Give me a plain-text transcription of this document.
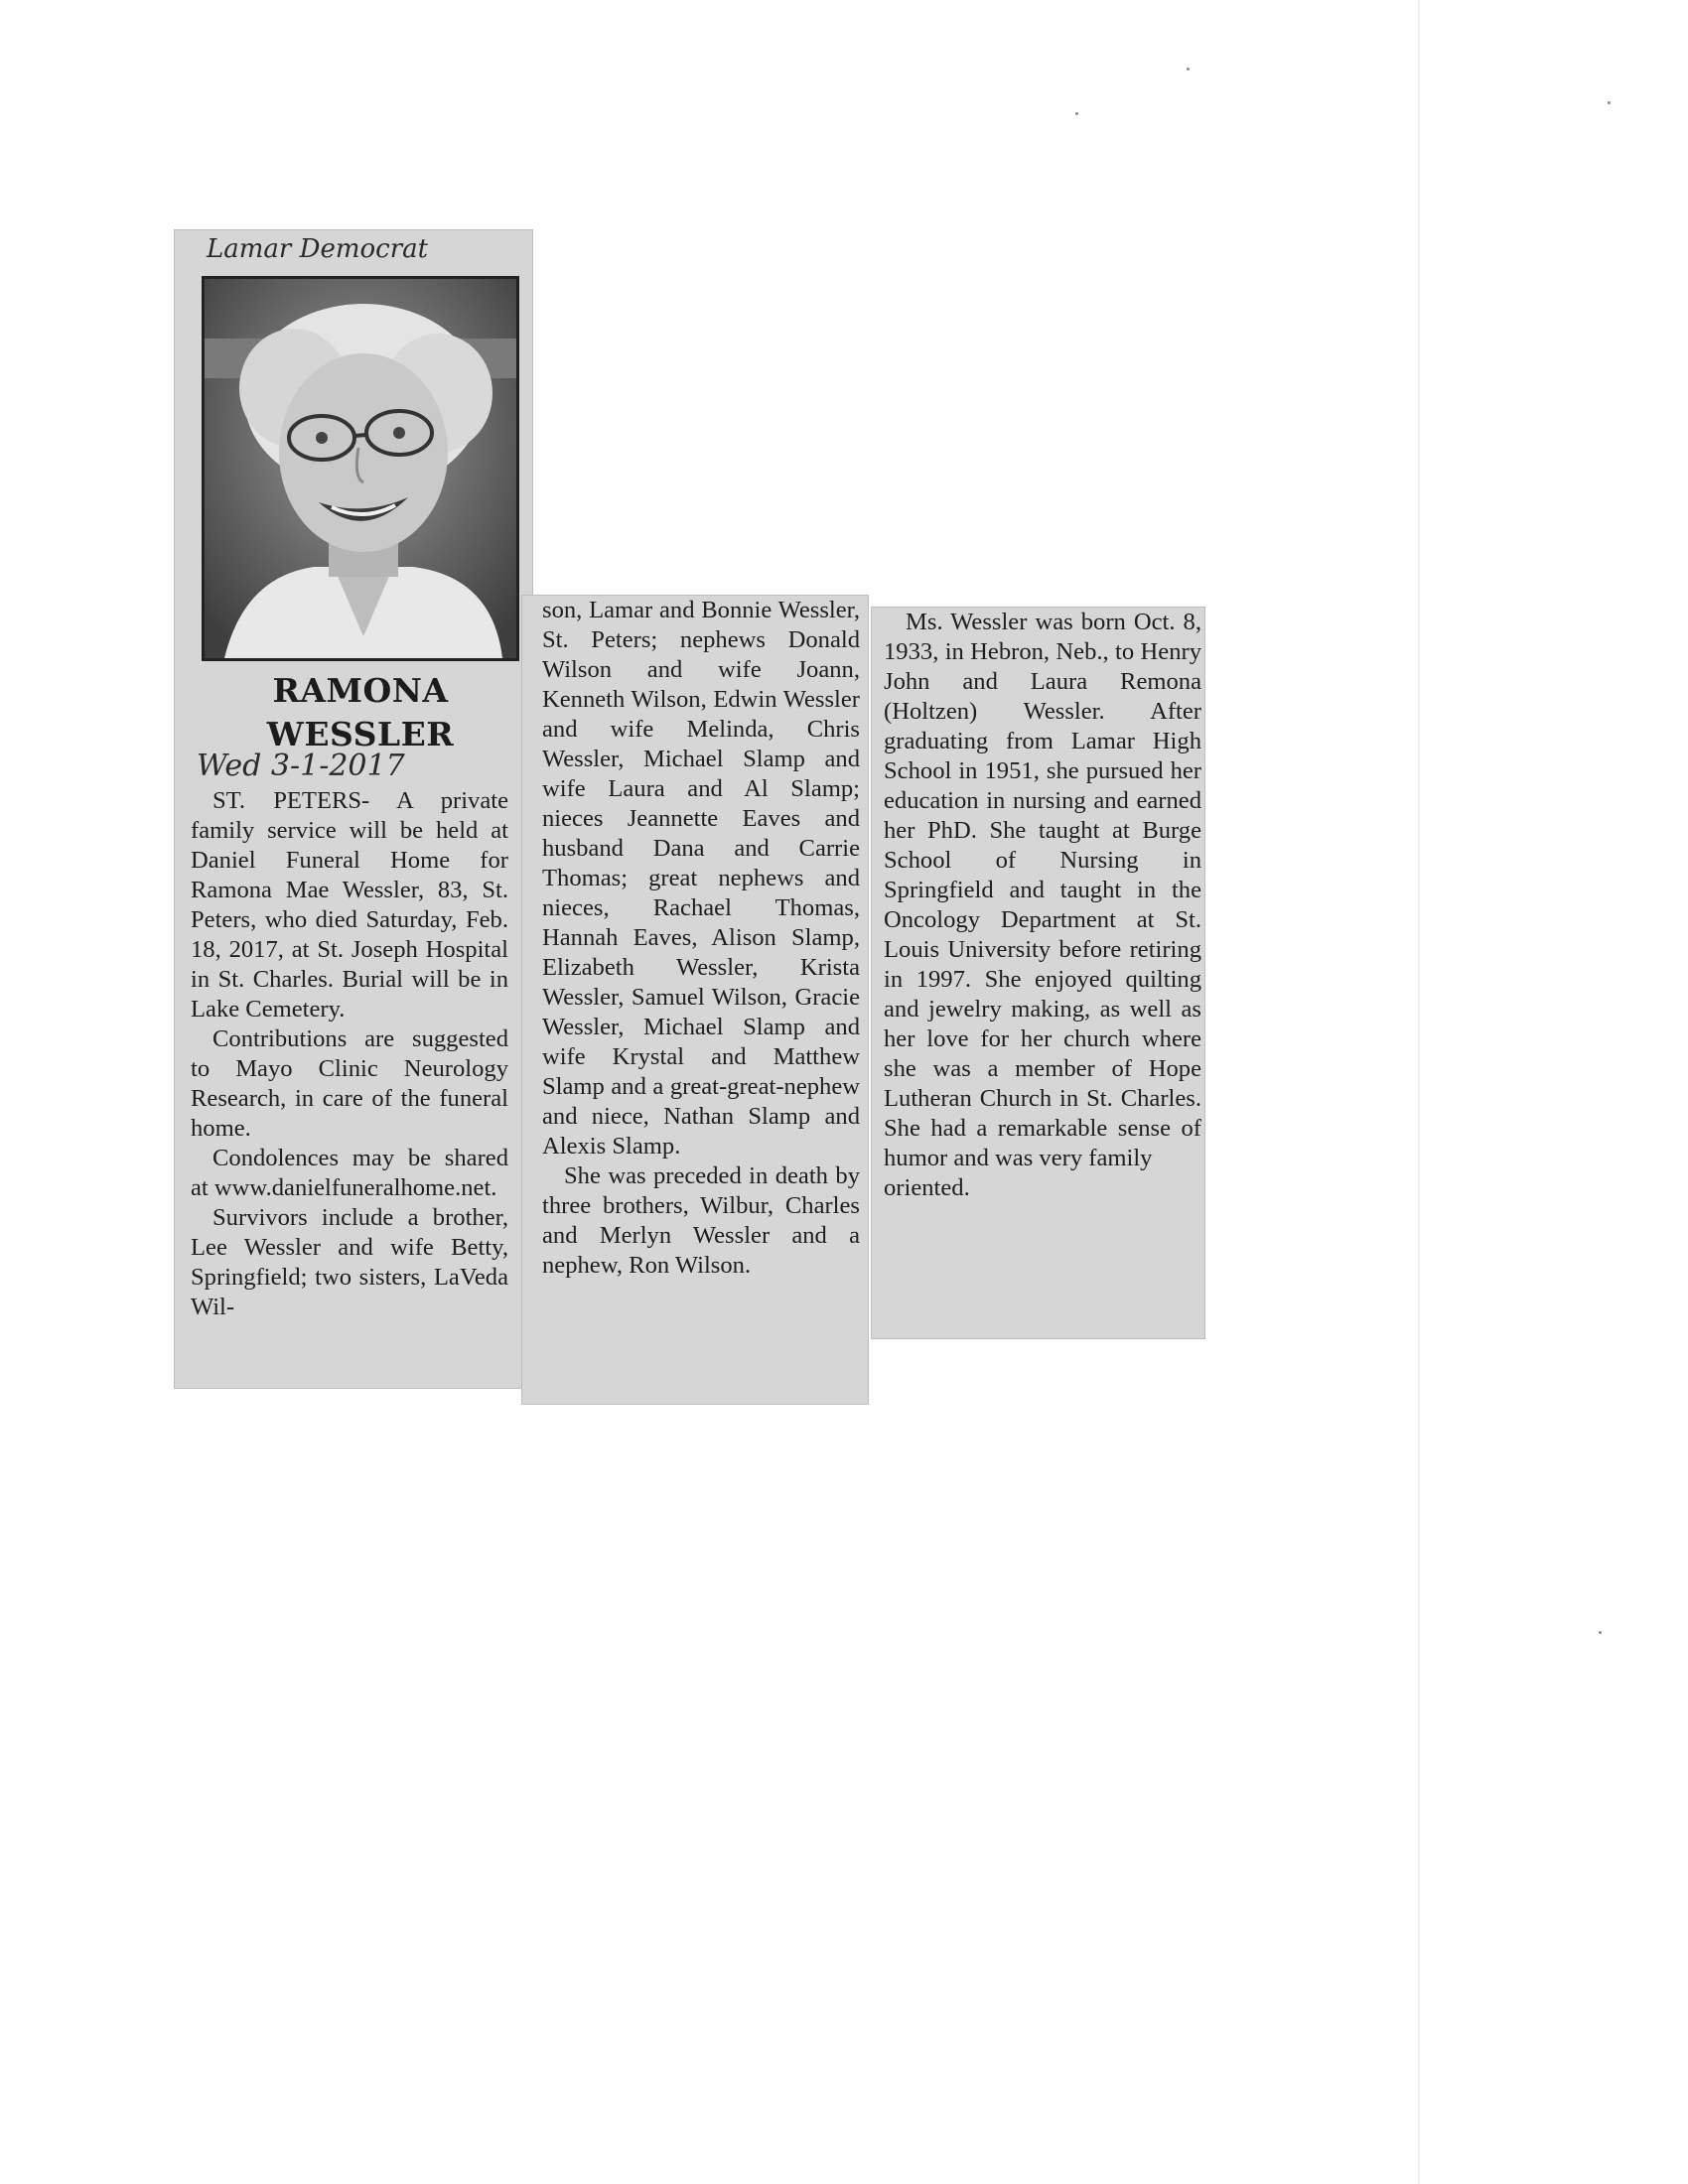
Lamar Democrat
RAMONA
WESSLER
Wed 3-1-2017

ST. PETERS- A private family service will be held at Daniel Funeral Home for Ramona Mae Wessler, 83, St. Peters, who died Saturday, Feb. 18, 2017, at St. Joseph Hospital in St. Charles. Burial will be in Lake Cemetery.

Contributions are suggested to Mayo Clinic Neurology Research, in care of the funeral home.

Condolences may be shared at www.danielfuneralhome.net.

Survivors include a brother, Lee Wessler and wife Betty, Springfield; two sisters, LaVeda Wil-

son, Lamar and Bonnie Wessler, St. Peters; nephews Donald Wilson and wife Joann, Kenneth Wilson, Edwin Wessler and wife Melinda, Chris Wessler, Michael Slamp and wife Laura and Al Slamp; nieces Jeannette Eaves and husband Dana and Carrie Thomas; great nephews and nieces, Rachael Thomas, Hannah Eaves, Alison Slamp, Elizabeth Wessler, Krista Wessler, Samuel Wilson, Gracie Wessler, Michael Slamp and wife Krystal and Matthew Slamp and a great-great-nephew and niece, Nathan Slamp and Alexis Slamp.

She was preceded in death by three brothers, Wilbur, Charles and Merlyn Wessler and a nephew, Ron Wilson.

Ms. Wessler was born Oct. 8, 1933, in Hebron, Neb., to Henry John and Laura Remona (Holtzen) Wessler. After graduating from Lamar High School in 1951, she pursued her education in nursing and earned her PhD. She taught at Burge School of Nursing in Springfield and taught in the Oncology Department at St. Louis University before retiring in 1997. She enjoyed quilting and jewelry making, as well as her love for her church where she was a member of Hope Lutheran Church in St. Charles. She had a remarkable sense of humor and was very family

oriented.
